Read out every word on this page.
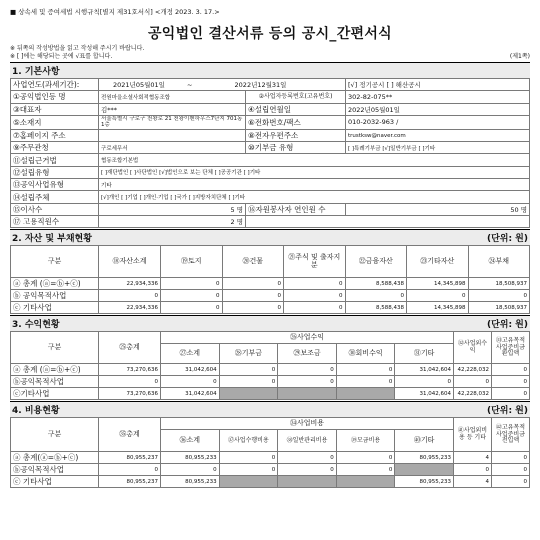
■ 상속세 및 증여세법 시행규칙[별지 제31호서식] <개정 2023. 3. 17.>
공익법인 결산서류 등의 공시_간편서식
※ 뒤쪽의 작성방법을 읽고 작성해 주시기 바랍니다.
※ [ ]에는 해당되는 곳에 √표를 합니다.	(제1쪽)
1. 기본사항
사업연도(과세기간):	2021년05월01일 ~ 2022년12월31일		[√] 정기공시 [ ] 해산공시
①공익법인등 명	전원마을소셜사회적협동조합	②사업자등록번호(고유번호)	302-82-075**
③대표자	김***	④설립연월일	2022년05월01일
⑤소재지	서울특별시 구로구 천왕로 21 천왕이펜하우스7단지 701동 1층	⑥전화번호/팩스	010-2032-963 /
⑦홈페이지 주소		⑧전자우편주소	trustksw@naver.com
⑨주무관청	구로세무서	⑩기부금 유형	[ ]특례기부금 [√]일반기부금 [ ]기타
⑪설립근거법	협동조합기본법		
⑫설립유형	[ ]재단법인 [ ]사단법인 [√]법인으로 보는 단체 [ ]공공기관 [ ]기타		
⑬공익사업유형	기타		
⑭설립주체	[√]개인 [ ]기업 [ ]개인·기업 [ ]국가 [ ]지방자치단체 [ ]기타		
⑮이사수	5 명	⑯자원봉사자 연인원 수	50 명
⑰ 고용직원수	2 명		
2. 자산 및 부채현황	(단위: 원)
구분	⑱자산소계	⑲토지	⑳건물	㉑주식 및 출자지분	㉒금융자산	㉓기타자산	㉔부채
ⓐ 총계 (ⓐ=ⓑ+ⓒ)	22,934,336	0	0	0	8,588,438	14,345,898	18,508,937
ⓑ 공익목적사업	0	0	0	0	0	0	0
ⓒ 기타사업	22,934,336	0	0	0	8,588,438	14,345,898	18,508,937
3. 수익현황	(단위: 원)
구분	㉕총계	㉖사업수익					㉜사업외수익	㉝고유목적사업준비금환입액
		㉗소계	㉘기부금	㉙보조금	㉚회비수익	㉛기타		
ⓐ 총계 (ⓐ=ⓑ+ⓒ)	73,270,636	31,042,604	0	0	0	31,042,604	42,228,032	0
ⓑ공익목적사업	0	0	0	0	0	0	0	0
ⓒ기타사업	73,270,636	31,042,604				31,042,604	42,228,032	0
4. 비용현황	(단위: 원)
구분	㉟총계	㉞사업비용					㊶사업외비용 등 기타	㊷고유목적사업준비금전입액
		㊱소계	㊲사업수행비용	㊳일반관리비용	㊴모금비용	㊵기타		
ⓐ 총계(ⓐ=ⓑ+ⓒ)	80,955,237	80,955,233	0	0	0	80,955,233	4	0
ⓑ공익목적사업	0	0	0	0	0		0	0
ⓒ 기타사업	80,955,237	80,955,233				80,955,233	4	0
